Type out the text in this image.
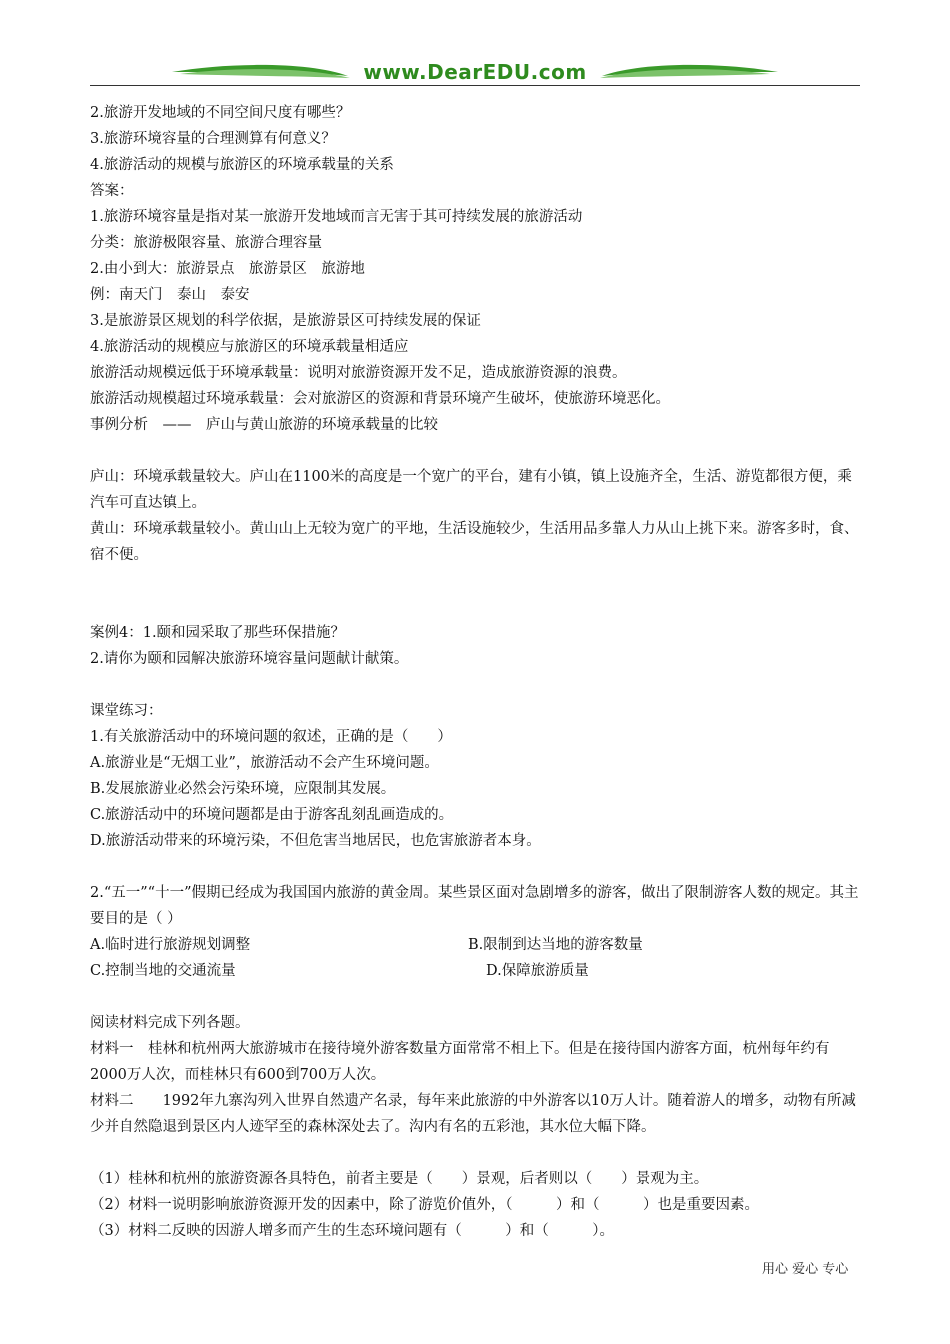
www.DearEDU.com
2.旅游开发地域的不同空间尺度有哪些？
3.旅游环境容量的合理测算有何意义？
4.旅游活动的规模与旅游区的环境承载量的关系
答案：
1.旅游环境容量是指对某一旅游开发地域而言无害于其可持续发展的旅游活动
分类：旅游极限容量、旅游合理容量
2.由小到大：旅游景点　旅游景区　旅游地
例：南天门　泰山　泰安
3.是旅游景区规划的科学依据，是旅游景区可持续发展的保证
4.旅游活动的规模应与旅游区的环境承载量相适应
旅游活动规模远低于环境承载量：说明对旅游资源开发不足，造成旅游资源的浪费。
旅游活动规模超过环境承载量：会对旅游区的资源和背景环境产生破坏，使旅游环境恶化。
事例分析　——　庐山与黄山旅游的环境承载量的比较
庐山：环境承载量较大。庐山在1100米的高度是一个宽广的平台，建有小镇，镇上设施齐全，生活、游览都很方便，乘汽车可直达镇上。
黄山：环境承载量较小。黄山山上无较为宽广的平地，生活设施较少，生活用品多靠人力从山上挑下来。游客多时，食、宿不便。
案例4：1.颐和园采取了那些环保措施？
2.请你为颐和园解决旅游环境容量问题献计献策。
课堂练习：
1.有关旅游活动中的环境问题的叙述，正确的是（　　）
A.旅游业是“无烟工业”，旅游活动不会产生环境问题。
B.发展旅游业必然会污染环境，应限制其发展。
C.旅游活动中的环境问题都是由于游客乱刻乱画造成的。
D.旅游活动带来的环境污染，不但危害当地居民，也危害旅游者本身。
2.“五一”“十一”假期已经成为我国国内旅游的黄金周。某些景区面对急剧增多的游客，做出了限制游客人数的规定。其主要目的是（ ）
A.临时进行旅游规划调整	B.限制到达当地的游客数量
C.控制当地的交通流量	D.保障旅游质量
阅读材料完成下列各题。
材料一　桂林和杭州两大旅游城市在接待境外游客数量方面常常不相上下。但是在接待国内游客方面，杭州每年约有2000万人次，而桂林只有600到700万人次。
材料二　　1992年九寨沟列入世界自然遗产名录，每年来此旅游的中外游客以10万人计。随着游人的增多，动物有所减少并自然隐退到景区内人迹罕至的森林深处去了。沟内有名的五彩池，其水位大幅下降。
（1）桂林和杭州的旅游资源各具特色，前者主要是（　　）景观，后者则以（　　）景观为主。
（2）材料一说明影响旅游资源开发的因素中，除了游览价值外，（　　　）和（　　　）也是重要因素。
（3）材料二反映的因游人增多而产生的生态环境问题有（　　　）和（　　　）。
用心 爱心 专心
